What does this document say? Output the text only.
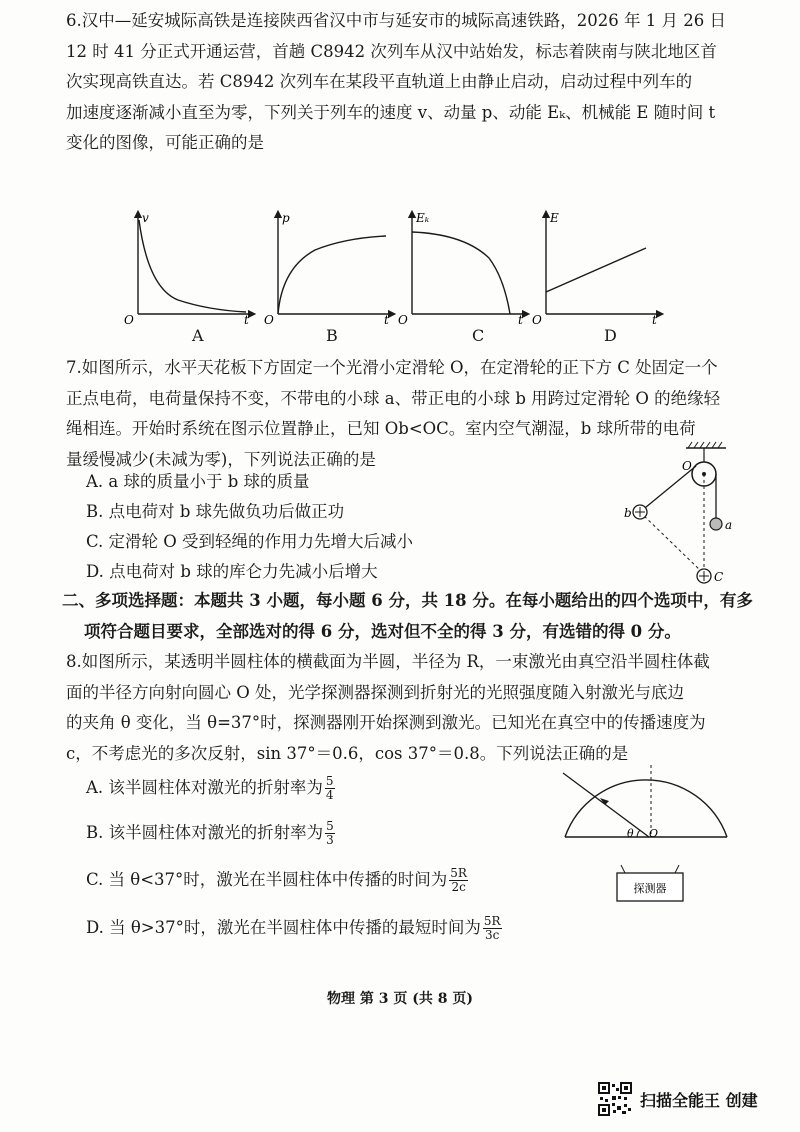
6.汉中—延安城际高铁是连接陕西省汉中市与延安市的城际高速铁路，2026 年 1 月 26 日

12 时 41 分正式开通运营，首趟 C8942 次列车从汉中站始发，标志着陕南与陕北地区首

次实现高铁直达。若 C8942 次列车在某段平直轨道上由静止启动，启动过程中列车的

加速度逐渐减小直至为零，下列关于列车的速度 v、动量 p、动能 Eₖ、机械能 E 随时间 t

变化的图像，可能正确的是

v
O	t
A
p
O	t
B
Eₖ
O	t
C
E
O	t
D

7.如图所示，水平天花板下方固定一个光滑小定滑轮 O，在定滑轮的正下方 C 处固定一个

正点电荷，电荷量保持不变，不带电的小球 a、带正电的小球 b 用跨过定滑轮 O 的绝缘轻

绳相连。开始时系统在图示位置静止，已知 Ob<OC。室内空气潮湿，b 球所带的电荷

量缓慢减少(未减为零)，下列说法正确的是

A. a 球的质量小于 b 球的质量
B. 点电荷对 b 球先做负功后做正功
C. 定滑轮 O 受到轻绳的作用力先增大后减小
D. 点电荷对 b 球的库仑力先减小后增大
O
b
a
C
二、多项选择题：本题共 3 小题，每小题 6 分，共 18 分。在每小题给出的四个选项中，有多
项符合题目要求，全部选对的得 6 分，选对但不全的得 3 分，有选错的得 0 分。

8.如图所示，某透明半圆柱体的横截面为半圆，半径为 R，一束激光由真空沿半圆柱体截

面的半径方向射向圆心 O 处，光学探测器探测到折射光的光照强度随入射激光与底边

的夹角 θ 变化，当 θ=37°时，探测器刚开始探测到激光。已知光在真空中的传播速度为

c，不考虑光的多次反射，sin 37°＝0.6，cos 37°＝0.8。下列说法正确的是

A. 该半圆柱体对激光的折射率为 $\frac{5}{4}$
B. 该半圆柱体对激光的折射率为 $\frac{5}{3}$
C. 当 θ<37°时，激光在半圆柱体中传播的时间为 $\frac{5R}{2c}$
D. 当 θ>37°时，激光在半圆柱体中传播的最短时间为 $\frac{5R}{3c}$
θ O
探测器
物理 第 3 页 (共 8 页)
扫描全能王 创建
